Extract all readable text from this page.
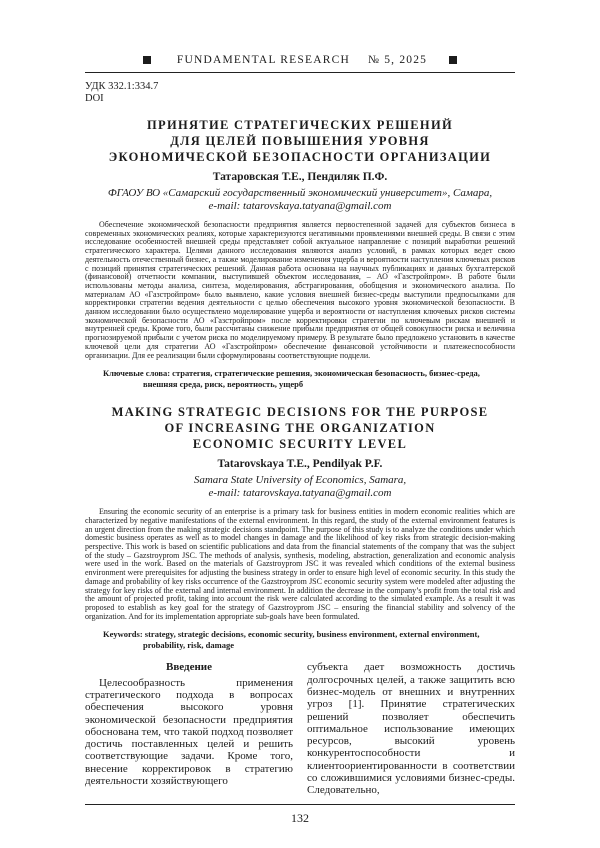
FUNDAMENTAL RESEARCH № 5, 2025
УДК 332.1:334.7
DOI
ПРИНЯТИЕ СТРАТЕГИЧЕСКИХ РЕШЕНИЙ
ДЛЯ ЦЕЛЕЙ ПОВЫШЕНИЯ УРОВНЯ
ЭКОНОМИЧЕСКОЙ БЕЗОПАСНОСТИ ОРГАНИЗАЦИИ
Татаровская Т.Е., Пендиляк П.Ф.
ФГАОУ ВО «Самарский государственный экономический университет», Самара,
e-mail: tatarovskaya.tatyana@gmail.com

Обеспечение экономической безопасности предприятия является первостепенной задачей для субъектов бизнеса в современных экономических реалиях, которые характеризуются негативными проявлениями внешней среды. В связи с этим исследование особенностей внешней среды представляет собой актуальное направление с позиций выработки решений стратегического характера. Целями данного исследования являются анализ условий, в рамках которых ведет свою деятельность отечественный бизнес, а также моделирование изменения ущерба и вероятности наступления ключевых рисков с позиций принятия стратегических решений. Данная работа основана на научных публикациях и данных бухгалтерской (финансовой) отчетности компании, выступившей объектом исследования, – АО «Газстройпром». В работе были использованы методы анализа, синтеза, моделирования, абстрагирования, обобщения и экономического анализа. По материалам АО «Газстройпром» было выявлено, какие условия внешней бизнес-среды выступили предпосылками для корректировки стратегии ведения деятельности с целью обеспечения высокого уровня экономической безопасности. В данном исследовании было осуществлено моделирование ущерба и вероятности от наступления ключевых рисков системы экономической безопасности АО «Газстройпром» после корректировки стратегии по ключевым рискам внешней и внутренней среды. Кроме того, были рассчитаны снижение прибыли предприятия от общей совокупности риска и величина прогнозируемой прибыли с учетом риска по моделируемому примеру. В результате было предложено установить в качестве ключевой цели для стратегии АО «Газстройпром» обеспечение финансовой устойчивости и платежеспособности организации. Для ее реализации были сформулированы соответствующие подцели.

Ключевые слова: стратегия, стратегические решения, экономическая безопасность, бизнес-среда, внешняя среда, риск, вероятность, ущерб
MAKING STRATEGIC DECISIONS FOR THE PURPOSE
OF INCREASING THE ORGANIZATION
ECONOMIC SECURITY LEVEL
Tatarovskaya T.E., Pendilyak P.F.
Samara State University of Economics, Samara,
e-mail: tatarovskaya.tatyana@gmail.com

Ensuring the economic security of an enterprise is a primary task for business entities in modern economic realities which are characterized by negative manifestations of the external environment. In this regard, the study of the external environment features is an urgent direction from the making strategic decisions standpoint. The purpose of this study is to analyze the conditions under which domestic business operates as well as to model changes in damage and the likelihood of key risks from strategic decision-making perspective. This work is based on scientific publications and data from the financial statements of the company that was the subject of the study – Gazstroyprom JSC. The methods of analysis, synthesis, modeling, abstraction, generalization and economic analysis were used in the work. Based on the materials of Gazstroyprom JSC it was revealed which conditions of the external business environment were prerequisites for adjusting the business strategy in order to ensure high level of economic security. In this study the damage and probability of key risks occurrence of the Gazstroyprom JSC economic security system were modeled after adjusting the strategy for key risks of the external and internal environment. In addition the decrease in the company’s profit from the total risk and the amount of projected profit, taking into account the risk were calculated according to the simulated example. As a result it was proposed to establish as key goal for the strategy of Gazstroyprom JSC – ensuring the financial stability and solvency of the organization. And for its implementation appropriate sub-goals have been formulated.

Keywords: strategy, strategic decisions, economic security, business environment, external environment, probability, risk, damage
Введение

Целесообразность применения стратегического подхода в вопросах обеспечения высокого уровня экономической безопасности предприятия обоснована тем, что такой подход позволяет достичь поставленных целей и решить соответствующие задачи. Кроме того, внесение корректировок в стратегию деятельности хозяйствующего

субъекта дает возможность достичь долгосрочных целей, а также защитить всю бизнес-модель от внешних и внутренних угроз [1]. Принятие стратегических решений позволяет обеспечить оптимальное использование имеющих ресурсов, высокий уровень конкурентоспособности и клиентоориентированности в соответствии со сложившимися условиями бизнес-среды. Следовательно,

132
